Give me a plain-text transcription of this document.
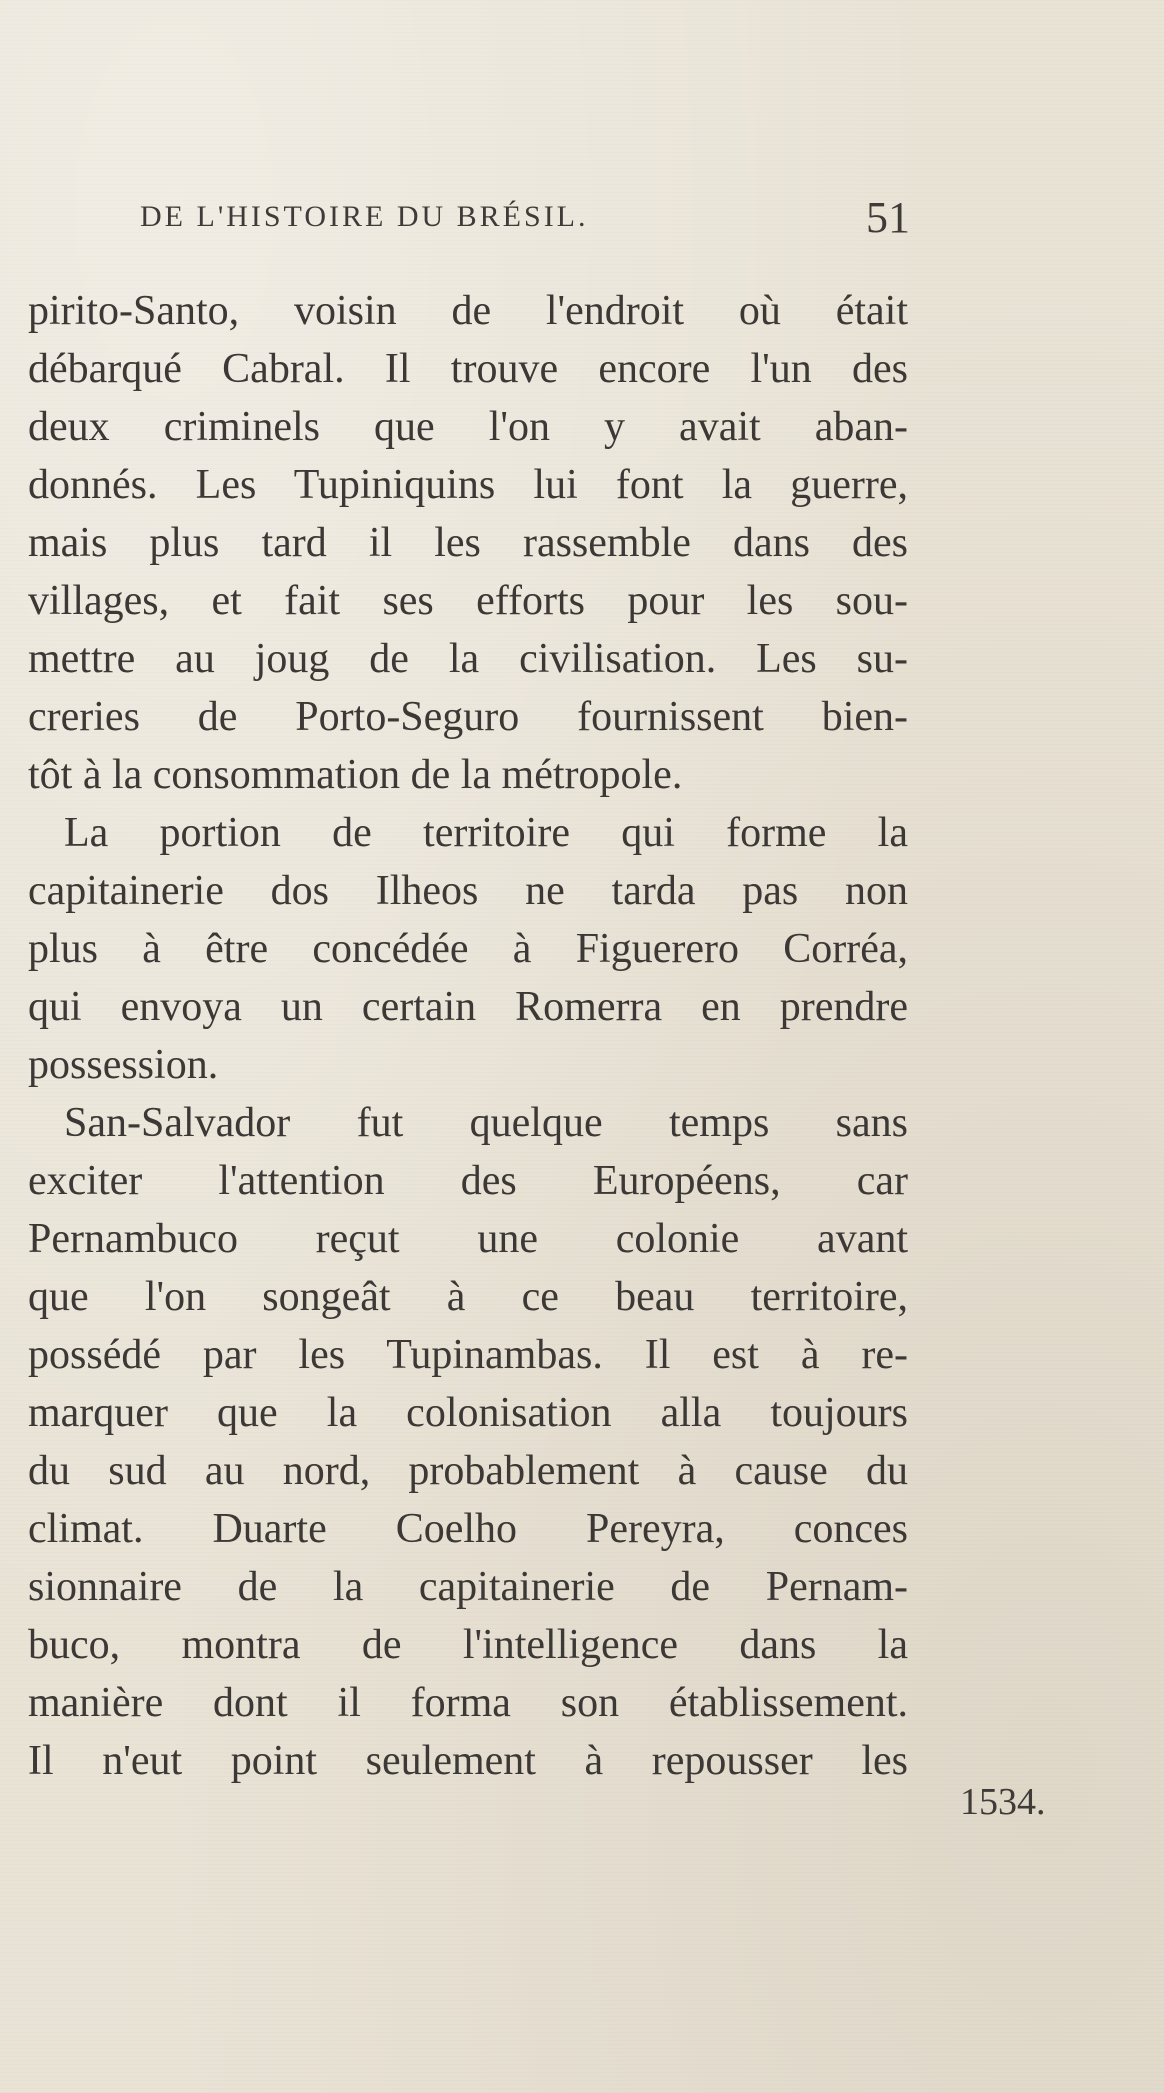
DE L'HISTOIRE DU BRÉSIL.	51
pirito-Santo, voisin de l'endroit où était
débarqué Cabral. Il trouve encore l'un des
deux criminels que l'on y avait aban-
donnés. Les Tupiniquins lui font la guerre,
mais plus tard il les rassemble dans des
villages, et fait ses efforts pour les sou-
mettre au joug de la civilisation. Les su-
creries de Porto-Seguro fournissent bien-
tôt à la consommation de la métropole.
La portion de territoire qui forme la
capitainerie dos Ilheos ne tarda pas non
plus à être concédée à Figuerero Corréa,
qui envoya un certain Romerra en prendre
possession.
San-Salvador fut quelque temps sans
exciter l'attention des Européens, car
Pernambuco reçut une colonie avant
que l'on songeât à ce beau territoire,
possédé par les Tupinambas. Il est à re-
marquer que la colonisation alla toujours
du sud au nord, probablement à cause du
climat. Duarte Coelho Pereyra, conces
sionnaire de la capitainerie de Pernam-
buco, montra de l'intelligence dans la
manière dont il forma son établissement.
Il n'eut point seulement à repousser les
1534.
